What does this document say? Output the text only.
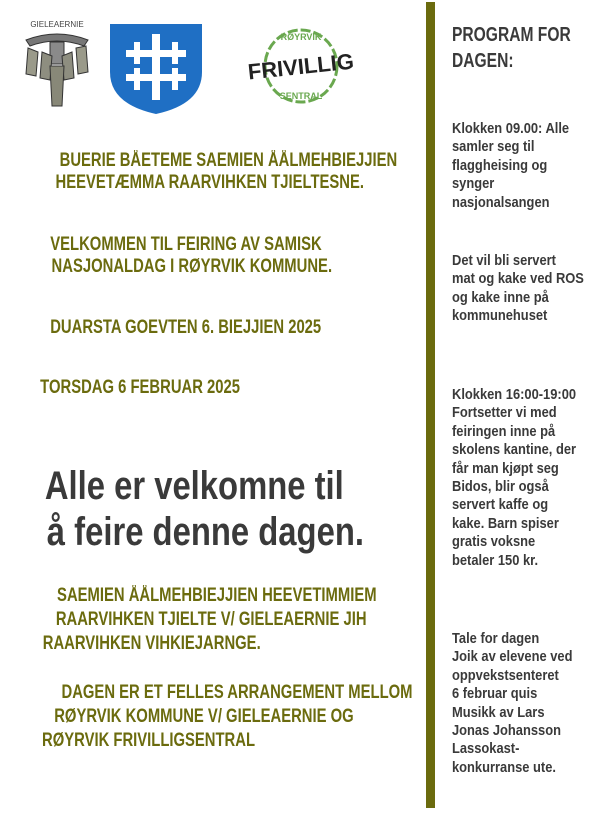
GIELEAERNIE
RØYRVIK
FRIVILLIG
SENTRAL
BUERIE BÅETEME SAEMIEN ÅÅLMEHBIEJJIEN
HEEVETÆMMA RAARVIHKEN TJIELTESNE.
VELKOMMEN TIL FEIRING AV SAMISK
NASJONALDAG I RØYRVIK KOMMUNE.
DUARSTA GOEVTEN 6. BIEJJIEN 2025
TORSDAG 6 FEBRUAR 2025
Alle er velkomne til
å feire denne dagen.
SAEMIEN ÅÅLMEHBIEJJIEN HEEVETIMMIEM
RAARVIHKEN TJIELTE V/ GIELEAERNIE JIH
RAARVIHKEN VIHKIEJARNGE.
DAGEN ER ET FELLES ARRANGEMENT MELLOM
RØYRVIK KOMMUNE V/ GIELEAERNIE OG
RØYRVIK FRIVILLIGSENTRAL
PROGRAM FOR
DAGEN:
Klokken 09.00: Alle
samler seg til
flaggheising og
synger
nasjonalsangen
Det vil bli servert
mat og kake ved ROS
og kake inne på
kommunehuset
Klokken 16:00-19:00
Fortsetter vi med
feiringen inne på
skolens kantine, der
får man kjøpt seg
Bidos, blir også
servert kaffe og
kake. Barn spiser
gratis voksne
betaler 150 kr.
Tale for dagen
Joik av elevene ved
oppvekstsenteret
6 februar quis
Musikk av Lars
Jonas Johansson
Lassokast-
konkurranse ute.
